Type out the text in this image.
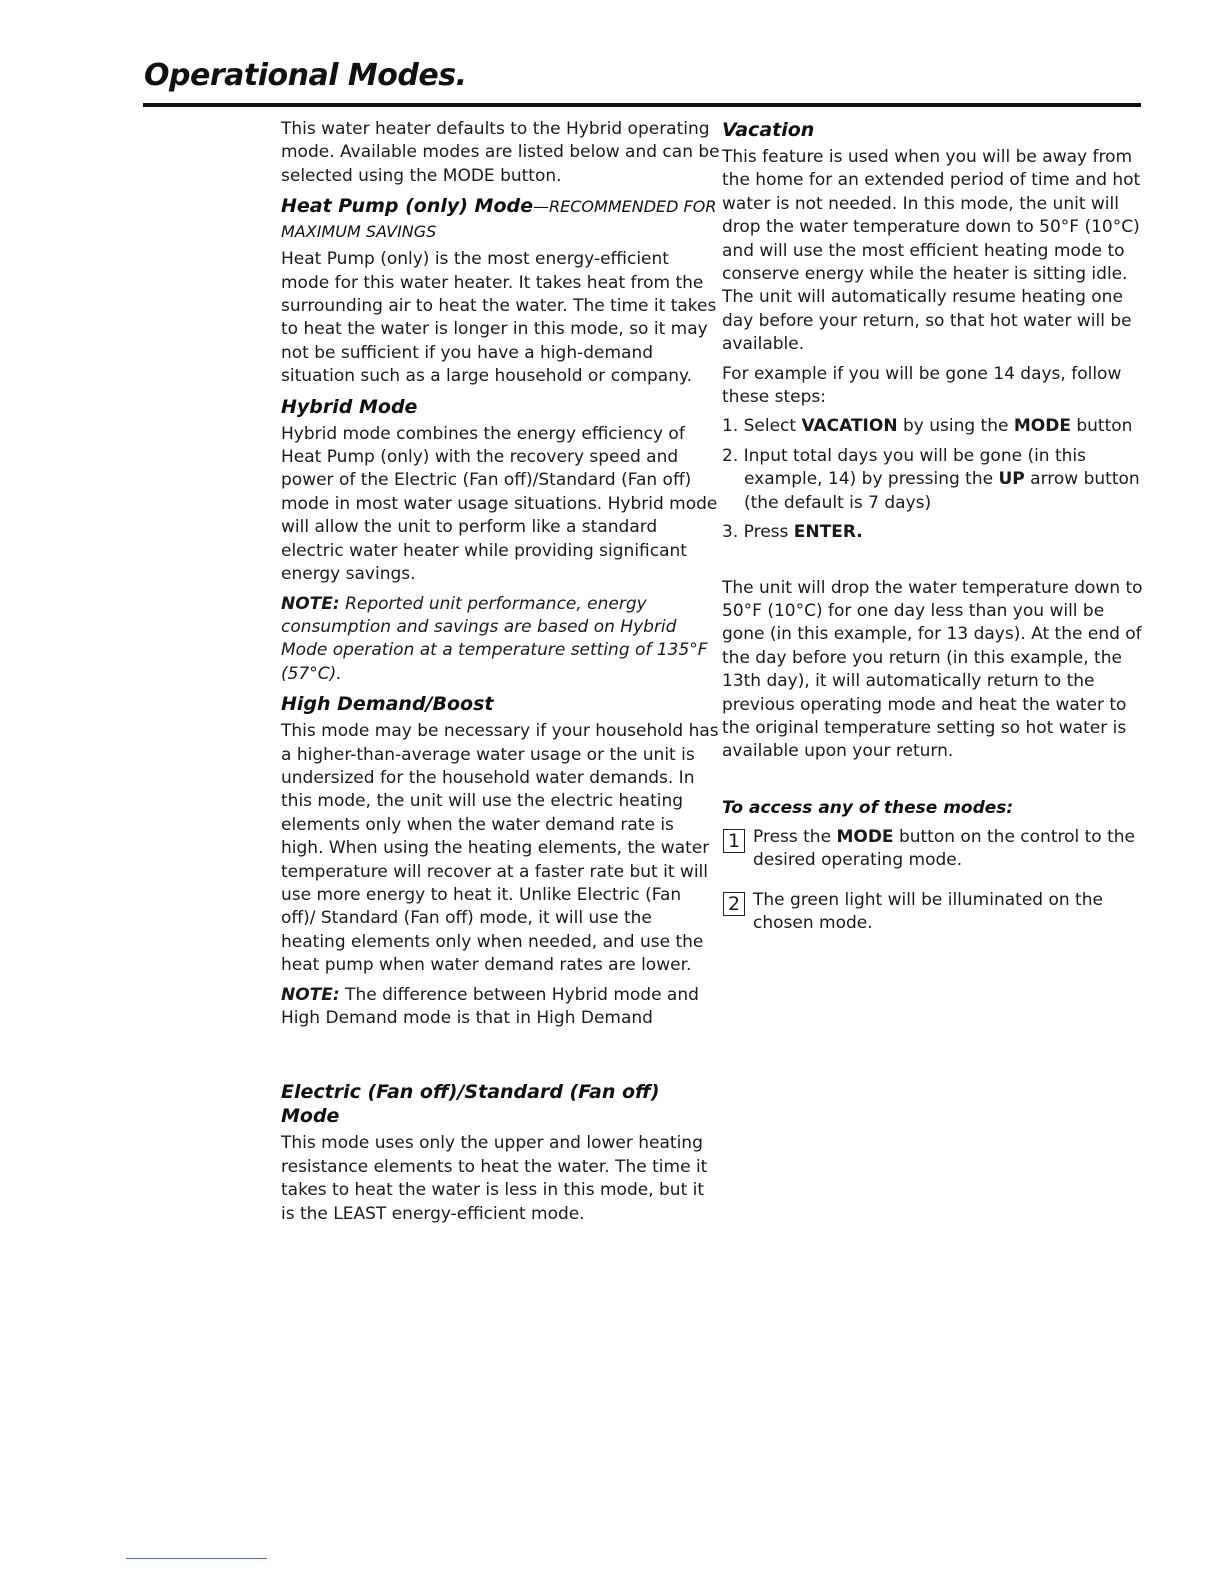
Operational Modes.

This water heater defaults to the Hybrid operating mode. Available modes are listed below and can be selected using the MODE button.

Heat Pump (only) Mode—RECOMMENDED FOR MAXIMUM SAVINGS

Heat Pump (only) is the most energy-efficient mode for this water heater. It takes heat from the surrounding air to heat the water. The time it takes to heat the water is longer in this mode, so it may not be sufficient if you have a high-demand situation such as a large household or company.

Hybrid Mode

Hybrid mode combines the energy efficiency of Heat Pump (only) with the recovery speed and power of the Electric (Fan off)/Standard (Fan off) mode in most water usage situations. Hybrid mode will allow the unit to perform like a standard electric water heater while providing significant energy savings.

NOTE: Reported unit performance, energy consumption and savings are based on Hybrid Mode operation at a temperature setting of 135°F (57°C).

High Demand/Boost

This mode may be necessary if your household has a higher-than-average water usage or the unit is undersized for the household water demands. In this mode, the unit will use the electric heating elements only when the water demand rate is high. When using the heating elements, the water temperature will recover at a faster rate but it will use more energy to heat it. Unlike Electric (Fan off)/ Standard (Fan off) mode, it will use the heating elements only when needed, and use the heat pump when water demand rates are lower.

NOTE: The difference between Hybrid mode and High Demand mode is that in High Demand

Electric (Fan off)/Standard (Fan off) Mode

This mode uses only the upper and lower heating resistance elements to heat the water. The time it takes to heat the water is less in this mode, but it is the LEAST energy-efficient mode.

Vacation

This feature is used when you will be away from the home for an extended period of time and hot water is not needed. In this mode, the unit will drop the water temperature down to 50°F (10°C) and will use the most efficient heating mode to conserve energy while the heater is sitting idle. The unit will automatically resume heating one day before your return, so that hot water will be available.

For example if you will be gone 14 days, follow these steps:

1. Select VACATION by using the MODE button
2. Input total days you will be gone (in this example, 14) by pressing the UP arrow button (the default is 7 days)
3. Press ENTER.

The unit will drop the water temperature down to 50°F (10°C) for one day less than you will be gone (in this example, for 13 days). At the end of the day before you return (in this example, the 13th day), it will automatically return to the previous operating mode and heat the water to the original temperature setting so hot water is available upon your return.

To access any of these modes:
1 Press the MODE button on the control to the desired operating mode.
2 The green light will be illuminated on the chosen mode.
